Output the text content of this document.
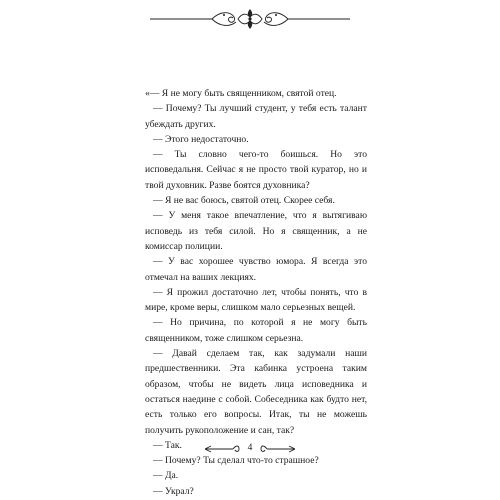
«— Я не могу быть священником, святой отец.

— Почему? Ты лучший студент, у тебя есть талант убеждать других.

— Этого недостаточно.

— Ты словно чего-то боишься. Но это исповедальня. Сейчас я не просто твой куратор, но и твой духовник. Разве боятся духовника?

— Я не вас боюсь, святой отец. Скорее себя.

— У меня такое впечатление, что я вытягиваю исповедь из тебя силой. Но я священник, а не комиссар полиции.

— У вас хорошее чувство юмора. Я всегда это отмечал на ваших лекциях.

— Я прожил достаточно лет, чтобы понять, что в мире, кроме веры, слишком мало серьезных вещей.

— Но причина, по которой я не могу быть священником, тоже слишком серьезна.

— Давай сделаем так, как задумали наши предшественники. Эта кабинка устроена таким образом, чтобы не видеть лица исповедника и остаться наедине с собой. Собеседника как будто нет, есть только его вопросы. Итак, ты не можешь получить рукоположение и сан, так?

— Так.

— Почему? Ты сделал что-то страшное?

— Да.

— Украл?

4
